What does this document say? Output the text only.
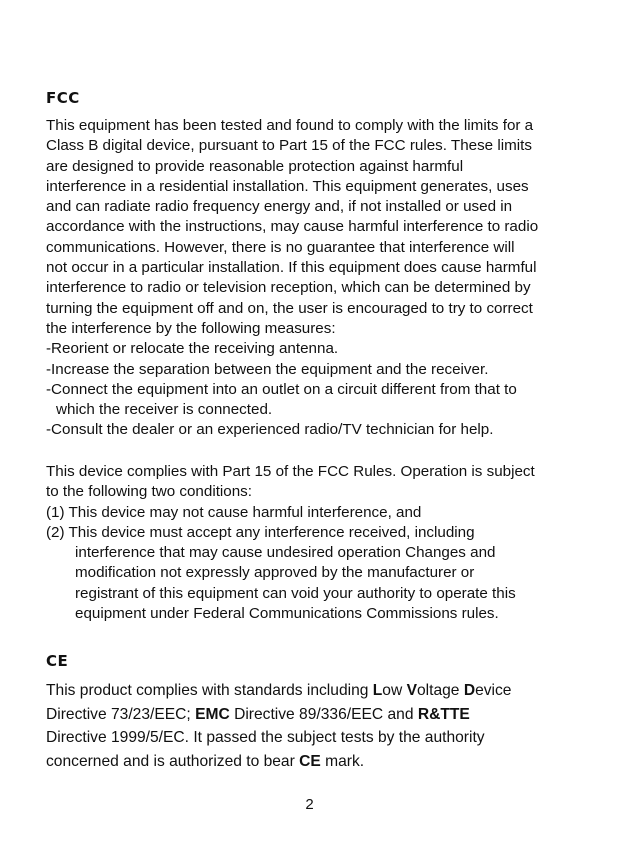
FCC

This equipment has been tested and found to comply with the limits for a
Class B digital device, pursuant to Part 15 of the FCC rules. These limits
are designed to provide reasonable protection against harmful
interference in a residential installation. This equipment generates, uses
and can radiate radio frequency energy and, if not installed or used in
accordance with the instructions, may cause harmful interference to radio
communications. However, there is no guarantee that interference will
not occur in a particular installation. If this equipment does cause harmful
interference to radio or television reception, which can be determined by
turning the equipment off and on, the user is encouraged to try to correct
the interference by the following measures:
-Reorient or relocate the receiving antenna.
-Increase the separation between the equipment and the receiver.
-Connect the equipment into an outlet on a circuit different from that to
which the receiver is connected.
-Consult the dealer or an experienced radio/TV technician for help.

This device complies with Part 15 of the FCC Rules. Operation is subject
to the following two conditions:
(1) This device may not cause harmful interference, and
(2) This device must accept any interference received, including
interference that may cause undesired operation Changes and
modification not expressly approved by the manufacturer or
registrant of this equipment can void your authority to operate this
equipment under Federal Communications Commissions rules.

CE

This product complies with standards including Low Voltage Device
Directive 73/23/EEC; EMC Directive 89/336/EEC and R&TTE
Directive 1999/5/EC. It passed the subject tests by the authority
concerned and is authorized to bear CE mark.

2
